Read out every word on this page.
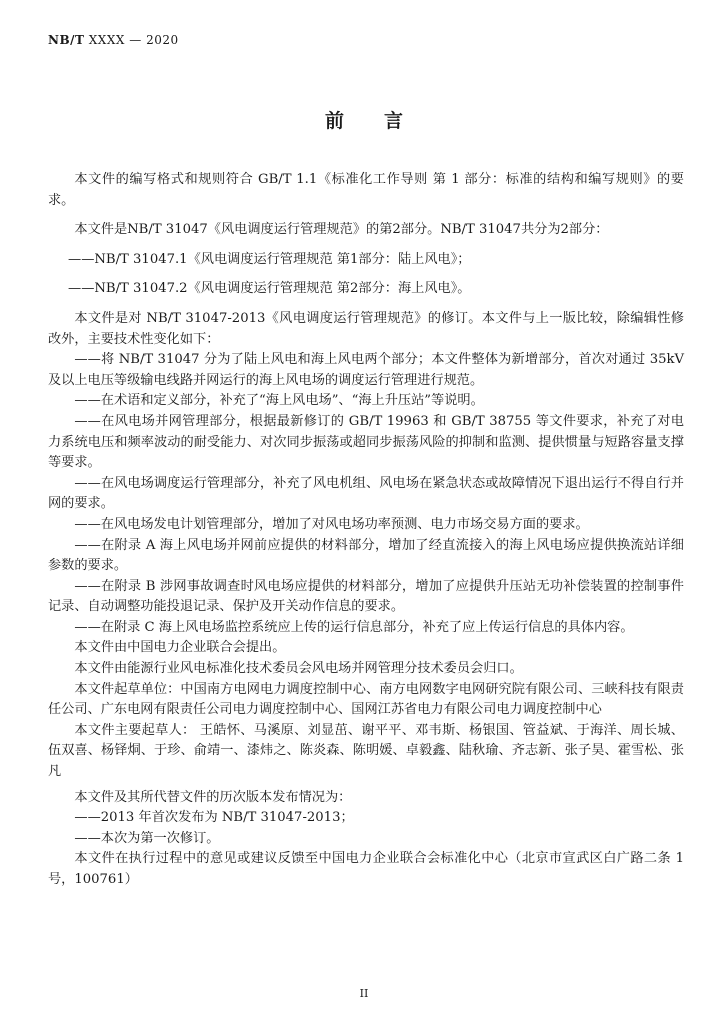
NB/T XXXX — 2020
前 言

本文件的编写格式和规则符合 GB/T 1.1《标准化工作导则 第 1 部分：标准的结构和编写规则》的要求。

本文件是NB/T 31047《风电调度运行管理规范》的第2部分。NB/T 31047共分为2部分：

——NB/T 31047.1《风电调度运行管理规范 第1部分：陆上风电》；

——NB/T 31047.2《风电调度运行管理规范 第2部分：海上风电》。

本文件是对 NB/T 31047-2013《风电调度运行管理规范》的修订。本文件与上一版比较，除编辑性修改外，主要技术性变化如下：

——将 NB/T 31047 分为了陆上风电和海上风电两个部分；本文件整体为新增部分，首次对通过 35kV 及以上电压等级输电线路并网运行的海上风电场的调度运行管理进行规范。

——在术语和定义部分，补充了“海上风电场”、“海上升压站”等说明。

——在风电场并网管理部分，根据最新修订的 GB/T 19963 和 GB/T 38755 等文件要求，补充了对电力系统电压和频率波动的耐受能力、对次同步振荡或超同步振荡风险的抑制和监测、提供惯量与短路容量支撑等要求。

——在风电场调度运行管理部分，补充了风电机组、风电场在紧急状态或故障情况下退出运行不得自行并网的要求。

——在风电场发电计划管理部分，增加了对风电场功率预测、电力市场交易方面的要求。

——在附录 A 海上风电场并网前应提供的材料部分，增加了经直流接入的海上风电场应提供换流站详细参数的要求。

——在附录 B 涉网事故调查时风电场应提供的材料部分，增加了应提供升压站无功补偿装置的控制事件记录、自动调整功能投退记录、保护及开关动作信息的要求。

——在附录 C 海上风电场监控系统应上传的运行信息部分，补充了应上传运行信息的具体内容。

本文件由中国电力企业联合会提出。

本文件由能源行业风电标准化技术委员会风电场并网管理分技术委员会归口。

本文件起草单位：中国南方电网电力调度控制中心、南方电网数字电网研究院有限公司、三峡科技有限责任公司、广东电网有限责任公司电力调度控制中心、国网江苏省电力有限公司电力调度控制中心

本文件主要起草人： 王皓怀、马溪原、刘显茁、谢平平、邓韦斯、杨银国、管益斌、于海洋、周长城、伍双喜、杨铎烔、于珍、俞靖一、漆炜之、陈炎森、陈明媛、卓毅鑫、陆秋瑜、齐志新、张子昊、霍雪松、张凡

本文件及其所代替文件的历次版本发布情况为：

——2013 年首次发布为 NB/T 31047-2013；

——本次为第一次修订。

本文件在执行过程中的意见或建议反馈至中国电力企业联合会标准化中心（北京市宣武区白广路二条 1 号，100761）

II
